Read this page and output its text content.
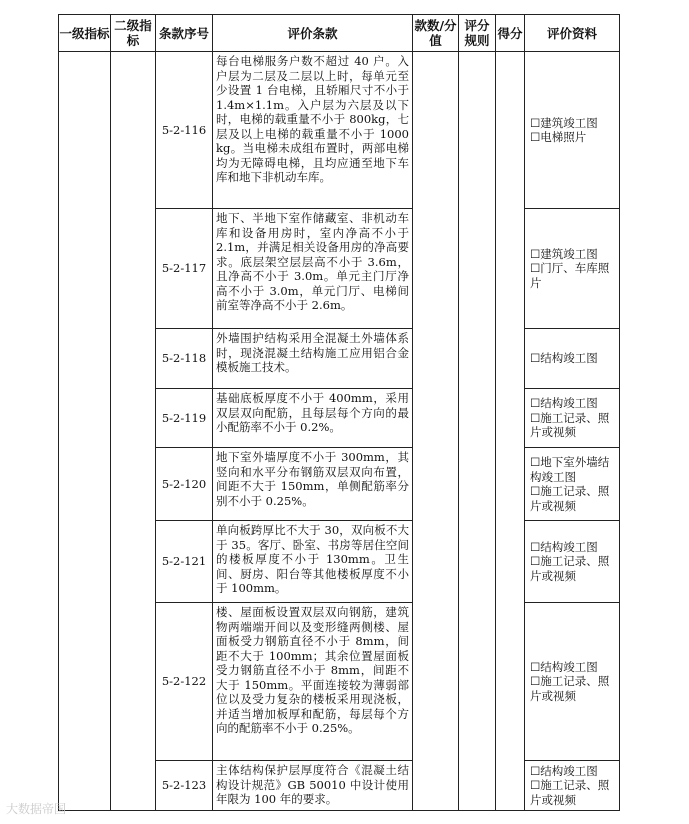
一级指标	二级指标	条款序号	评价条款	款数/分值	评分规则	得分	评价资料
		5-2-116	每台电梯服务户数不超过 40 户。入户层为二层及二层以上时，每单元至少设置 1 台电梯，且轿厢尺寸不小于 1.4m×1.1m。入户层为六层及以下时，电梯的载重量不小于 800kg，七层及以上电梯的载重量不小于 1000 kg。当电梯未成组布置时，两部电梯均为无障碍电梯，且均应通至地下车库和地下非机动车库。				☐建筑竣工图
☐电梯照片

		5-2-117	地下、半地下室作储藏室、非机动车库和设备用房时，室内净高不小于 2.1m，并满足相关设备用房的净高要求。底层架空层层高不小于 3.6m，且净高不小于 3.0m。单元主门厅净高不小于 3.0m，单元门厅、电梯间前室等净高不小于 2.6m。				☐建筑竣工图
☐门厅、车库照片

		5-2-118	外墙围护结构采用全混凝土外墙体系时，现浇混凝土结构施工应用铝合金模板施工技术。				☐结构竣工图

		5-2-119	基础底板厚度不小于 400mm，采用双层双向配筋，且每层每个方向的最小配筋率不小于 0.2%。				☐结构竣工图
☐施工记录、照片或视频

		5-2-120	地下室外墙厚度不小于 300mm，其竖向和水平分布钢筋双层双向布置，间距不大于 150mm，单侧配筋率分别不小于 0.25%。				☐地下室外墙结构竣工图
☐施工记录、照片或视频

		5-2-121	单向板跨厚比不大于 30，双向板不大于 35。客厅、卧室、书房等居住空间的楼板厚度不小于 130mm。卫生间、厨房、阳台等其他楼板厚度不小于 100mm。				☐结构竣工图
☐施工记录、照片或视频

		5-2-122	楼、屋面板设置双层双向钢筋，建筑物两端端开间以及变形缝两侧楼、屋面板受力钢筋直径不小于 8mm，间距不大于 100mm；其余位置屋面板受力钢筋直径不小于 8mm，间距不大于 150mm。平面连接较为薄弱部位以及受力复杂的楼板采用现浇板，并适当增加板厚和配筋，每层每个方向的配筋率不小于 0.25%。				☐结构竣工图
☐施工记录、照片或视频

		5-2-123	主体结构保护层厚度符合《混凝土结构设计规范》GB 50010 中设计使用年限为 100 年的要求。				☐结构竣工图
☐施工记录、照片或视频
大数据帝国
